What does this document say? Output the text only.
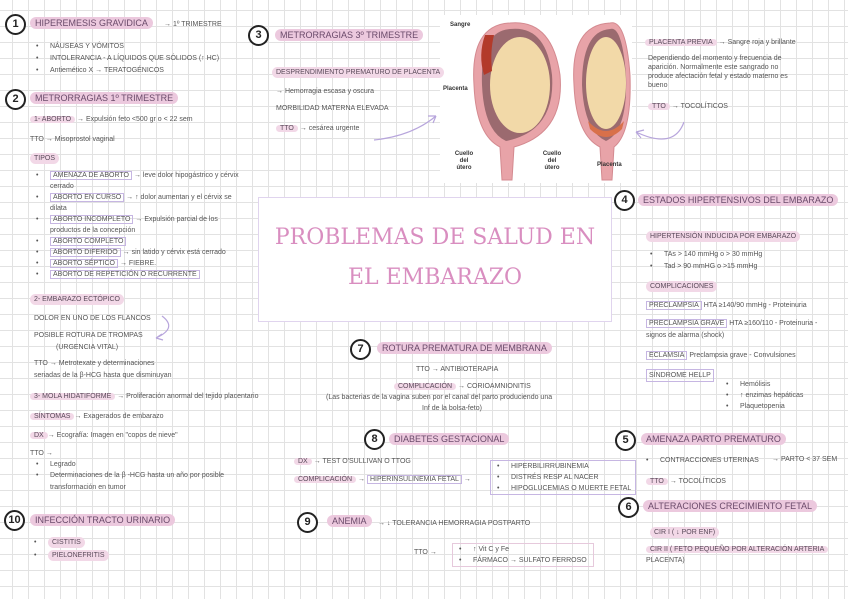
1	HIPEREMESIS GRAVIDICA	→ 1º TRIMESTRE
• NÁUSEAS Y VÓMITOS
• INTOLERANCIA - A LÍQUIDOS QUE SÓLIDOS (↑ HC)
• Antiemético X → TERATOGÉNICOS
2	METRORRAGIAS 1º TRIMESTRE
1- ABORTO → Expulsión feto <500 gr o < 22 sem
TTO → Misoprostol vaginal
TIPOS
• AMENAZA DE ABORTO → leve dolor hipogástrico y cérvix
cerrado
• ABORTO EN CURSO → ↑ dolor aumentan y el cérvix se
dilata
• ABORTO INCOMPLETO → Expulsión parcial de los
productos de la concepción
• ABORTO COMPLETO
• ABORTO DIFERIDO → sin latido y cérvix está cerrado
• ABORTO SÉPTICO → FIEBRE.
• ABORTO DE REPETICIÓN O RECURRENTE
2- EMBARAZO ECTÓPICO
DOLOR EN UNO DE LOS FLANCOS
POSIBLE ROTURA DE TROMPAS
(URGENCIA VITAL)
TTO → Metrotexate y determinaciones
seriadas de la β-HCG hasta que disminuyan
3- MOLA HIDATIFORME → Proliferación anormal del tejido placentario
SÍNTOMAS → Exagerados de embarazo
DX → Ecografía: Imagen en "copos de nieve"
TTO →
• Legrado
• Determinaciones de la β -HCG hasta un año por posible
transformación en tumor
10	INFECCIÓN TRACTO URINARIO
• CISTITIS
• PIELONEFRITIS
3	METRORRAGIAS 3º TRIMESTRE
DESPRENDIMIENTO PREMATURO DE PLACENTA
→ Hemorragia escasa y oscura
MORBILIDAD MATERNA ELEVADA
TTO → cesárea urgente
Sangre
Placenta
Cuello del útero
Cuello del útero	Placenta
PLACENTA PREVIA → Sangre roja y brillante
Dependiendo del momento y frecuencia de
aparición. Normalmente este sangrado no
produce afectación fetal y estado materno es
bueno
TTO → TOCOLÍTICOS
PROBLEMAS DE SALUD EN
EL EMBARAZO
4	ESTADOS HIPERTENSIVOS DEL EMBARAZO
HIPERTENSIÓN INDUCIDA POR EMBARAZO
• TAs > 140 mmHg o > 30 mmHg
• Tad > 90 mmHG o >15 mmHg
COMPLICACIONES
PRECLAMPSIA HTA ≥140/90 mmHg - Proteinuria
PRECLAMPSIA GRAVE HTA ≥160/110 - Proteinuria -
signos de alarma (shock)
ECLAMSIA Preclampsia grave - Convulsiones
SÍNDROME HELLP
• Hemólisis
• ↑ enzimas hepáticas
• Plaquetopenia
7	ROTURA PREMATURA DE MEMBRANA
TTO → ANTIBIOTERAPIA
COMPLICACIÓN → CORIOAMNIONITIS
(Las bacterias de la vagina suben por el canal del parto produciendo una
Inf de la bolsa-feto)
8	DIABETES GESTACIONAL
DX → TEST O'SULLIVAN O TTOG
COMPLICACIÓN → HIPERINSULINEMIA FETAL →
• HIPERBILIRRUBINEMIA
• DISTRÉS RESP AL NACER
• HIPOGLUCEMIAS O MUERTE FETAL
9	ANEMIA	→ ↓ TOLERANCIA HEMORRAGIA POSTPARTO
TTO →	• ↑ Vit C y Fe
• FÁRMACO → SULFATO FERROSO
5	AMENAZA PARTO PREMATURO
→ PARTO < 37 SEM
• CONTRACCIONES UTERINAS
TTO → TOCOLÍTICOS
6	ALTERACIONES CRECIMIENTO FETAL
CIR I ( ↓ POR ENF)
CIR II ( FETO PEQUEÑO POR ALTERACIÓN ARTERIA
PLACENTA)
